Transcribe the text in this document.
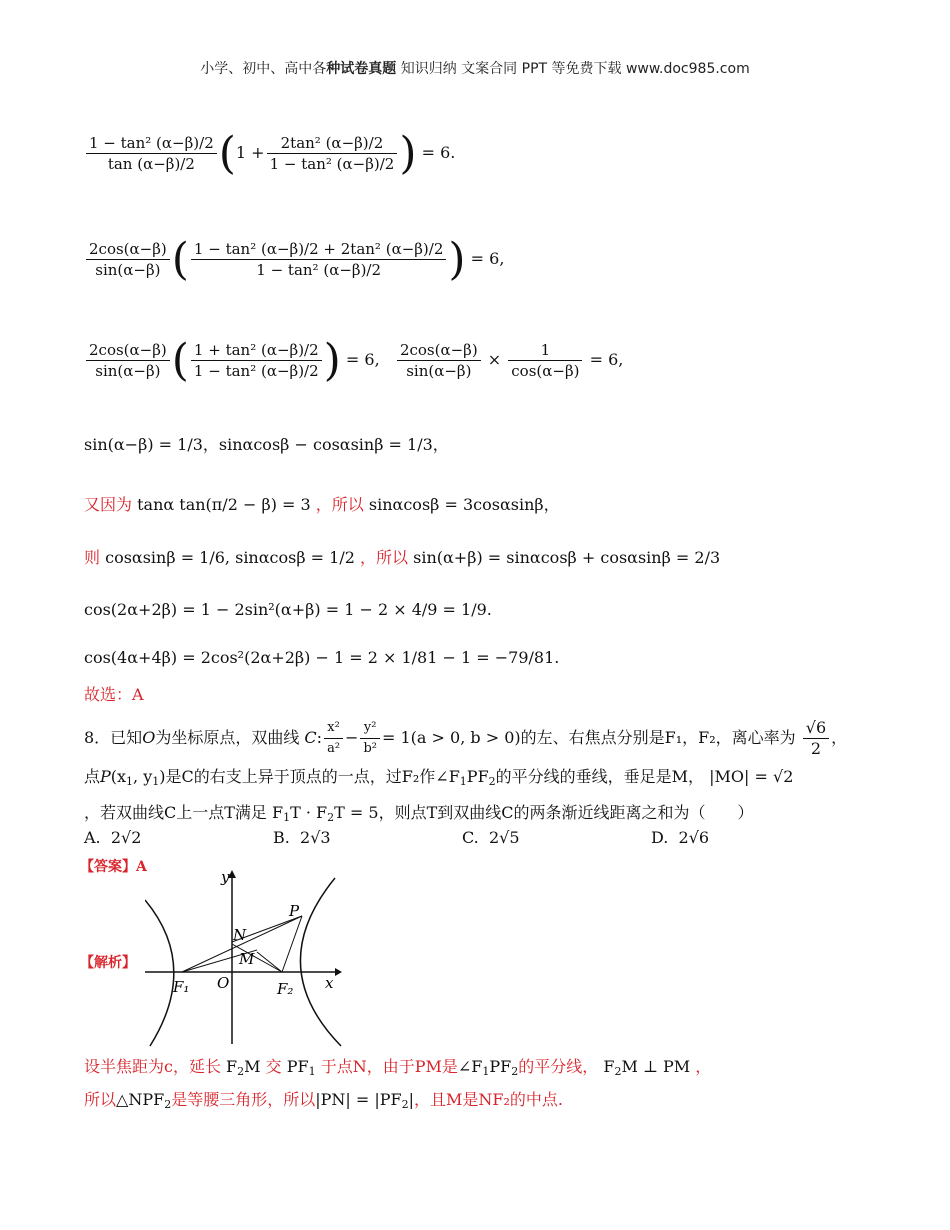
小学、初中、高中各种试卷真题 知识归纳 文案合同 PPT 等免费下载 www.doc985.com
$\frac{\text{1 − tan² (α−β)/2}}{\tan (\alpha-\beta)/2} (1 + \frac{\text{2tan² (α−β)/2}}{\text{1 − tan² (α−β)/2}}$ ) = 6.
$\frac{2\cos(\alpha-\beta)}{\sin(\alpha-\beta)}$ ( $\frac{\text{1 − tan² (α−β)/2 + 2tan² (α−β)/2}}{\text{1 − tan² (α−β)/2}}$ ) = 6,
$\frac{2\cos(\alpha-\beta)}{\sin(\alpha-\beta)}$ ( $\frac{\text{1 + tan² (α−β)/2}}{\text{1 − tan² (α−β)/2}}$ ) = 6, $\frac{2\cos(\alpha-\beta)}{\sin(\alpha-\beta)} \times \frac{1}{\cos(\alpha-\beta)} = 6$,
sin(α−β) = 1/3，sinαcosβ − cosαsinβ = 1/3，
又因为 tanα tan(π/2 − β) = 3 ，所以 sinαcosβ = 3cosαsinβ，
则 cosαsinβ = 1/6, sinαcosβ = 1/2 ，所以 sin(α+β) = sinαcosβ + cosαsinβ = 2/3
cos(2α+2β) = 1 − 2sin²(α+β) = 1 − 2 × 4/9 = 1/9.
cos(4α+4β) = 2cos²(2α+2β) − 1 = 2 × 1/81 − 1 = −79/81.
故选：A
8．已知O为坐标原点，双曲线 C: $\frac{\text{x²}}{\text{a²}} - \frac{\text{y²}}{\text{b²}} = 1(a > 0$, b > 0)的左、右焦点分别是F₁，F₂，离心率为 $\frac{√6}{2}$ ，
点$P(x_1$, $y_1$)是C的右支上异于顶点的一点，过F₂作$\angle F_1PF_2$的平分线的垂线，垂足是M， |MO| = √2
，若双曲线C上一点T满足 $F_1T \cdot F_2T = 5$，则点T到双曲线C的两条渐近线距离之和为（　　）
A. 2√2	B. 2√3	C. 2√5	D. 2√6
【答案】A
【解析】
y
x
O
P
N
M
F₁	F₂
设半焦距为c，延长 $F_2M$ 交 $PF_1$ 于点N，由于PM是$\angle F_1PF_2$的平分线， $F_2M$ ⊥ PM ，
所以$\triangle NPF_2$是等腰三角形，所以$|PN| = |PF_2|$，且M是NF₂的中点.
